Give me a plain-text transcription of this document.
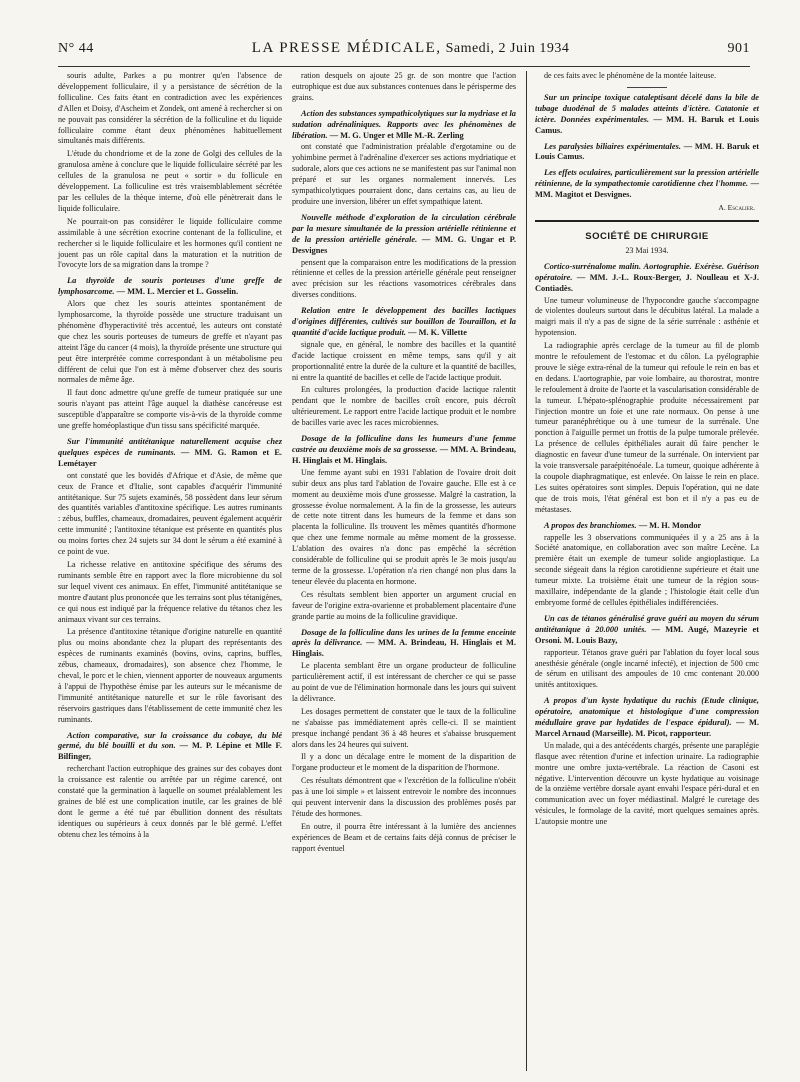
N° 44	LA PRESSE MÉDICALE, Samedi, 2 Juin 1934	901

souris adulte, Parkes a pu montrer qu'en l'absence de développement folliculaire, il y a persistance de sécrétion de la folliculine. Ces faits étant en contradiction avec les expériences d'Allen et Doisy, d'Ascheim et Zondek, ont amené à rechercher si on ne pouvait pas considérer la sécrétion de la folliculine et du liquide folliculaire comme étant deux phénomènes habituellement simultanés mais différents.

L'étude du chondriome et de la zone de Golgi des cellules de la granulosa amène à conclure que le liquide folliculaire sécrété par les cellules de la granulosa ne peut « sortir » du follicule en développement. La folliculine est très vraisemblablement sécrétée par les cellules de la thèque interne, d'où elle pénètrerait dans le liquide folliculaire.

Ne pourrait-on pas considérer le liquide folliculaire comme assimilable à une sécrétion exocrine contenant de la folliculine, et rechercher si le liquide folliculaire et les hormones qu'il contient ne jouent pas un rôle capital dans la maturation et la nutrition de l'ovocyte lors de sa migration dans la trompe ?

La thyroïde de souris porteuses d'une greffe de lymphosarcome. — MM. L. Mercier et L. Gosselin.

Alors que chez les souris atteintes spontanément de lymphosarcome, la thyroïde possède une structure traduisant un phénomène d'hyperactivité très accentué, les auteurs ont constaté que chez les souris porteuses de tumeurs de greffe et n'ayant pas atteint l'âge du cancer (4 mois), la thyroïde présente une structure qui peut être interprétée comme correspondant à un métabolisme peu différent de celui que l'on est à même d'observer chez des souris normales de même âge.

Il faut donc admettre qu'une greffe de tumeur pratiquée sur une souris n'ayant pas atteint l'âge auquel la diathèse cancéreuse est susceptible d'apparaître se comporte vis-à-vis de la thyroïde comme une greffe homéoplastique d'un tissu sans spécificité marquée.

Sur l'immunité antitétanique naturellement acquise chez quelques espèces de ruminants. — MM. G. Ramon et E. Lemétayer

ont constaté que les bovidés d'Afrique et d'Asie, de même que ceux de France et d'Italie, sont capables d'acquérir l'immunité antitétanique. Sur 75 sujets examinés, 58 possèdent dans leur sérum des quantités variables d'antitoxine spécifique. Les autres ruminants : zébus, buffles, chameaux, dromadaires, peuvent également acquérir cette immunité ; l'antitoxine tétanique est présente en quantités plus ou moins fortes chez 24 sujets sur 34 dont le sérum a été examiné à ce point de vue.

La richesse relative en antitoxine spécifique des sérums des ruminants semble être en rapport avec la flore microbienne du sol sur lequel vivent ces animaux. En effet, l'immunité antitétanique se montre d'autant plus prononcée que les terrains sont plus tétanigènes, ce qui nous est indiqué par la fréquence relative du tétanos chez les animaux vivant sur ces terrains.

La présence d'antitoxine tétanique d'origine naturelle en quantité plus ou moins abondante chez la plupart des représentants des espèces de ruminants examinés (bovins, ovins, caprins, buffles, zébus, chameaux, dromadaires), son absence chez l'homme, le cheval, le porc et le chien, viennent apporter de nouveaux arguments à l'appui de l'hypothèse émise par les auteurs sur le mécanisme de l'immunité antitétanique naturelle et sur le rôle favorisant des réservoirs gastriques dans l'établissement de cette immunité chez les ruminants.

Action comparative, sur la croissance du cobaye, du blé germé, du blé bouilli et du son. — M. P. Lépine et Mlle F. Bilfinger,

recherchant l'action eutrophique des graines sur des cobayes dont la croissance est ralentie ou arrêtée par un régime carencé, ont constaté que la germination à laquelle on soumet préalablement les graines de blé est une complication inutile, car les graines de blé dont le germe a été tué par ébullition donnent des résultats identiques ou supérieurs à ceux donnés par le blé germé. L'effet obtenu chez les témoins à la

ration desquels on ajoute 25 gr. de son montre que l'action eutrophique est due aux substances contenues dans le périsperme des grains.

Action des substances sympathicolytiques sur la mydriase et la sudation adrénaliniques. Rapports avec les phénomènes de libération. — M. G. Unger et Mlle M.-R. Zerling

ont constaté que l'administration préalable d'ergotamine ou de yohimbine permet à l'adrénaline d'exercer ses actions mydriatique et sudorale, alors que ces actions ne se manifestent pas sur l'animal non préparé et sur les organes normalement innervés. Les sympathicolytiques pourraient donc, dans certains cas, au lieu de produire une inversion, libérer un effet sympathique latent.

Nouvelle méthode d'exploration de la circulation cérébrale par la mesure simultanée de la pression artérielle rétinienne et de la pression artérielle générale. — MM. G. Ungar et P. Desvignes

pensent que la comparaison entre les modifications de la pression rétinienne et celles de la pression artérielle générale peut renseigner avec précision sur les réactions vasomotrices cérébrales dans diverses conditions.

Relation entre le développement des bacilles lactiques d'origines différentes, cultivés sur bouillon de Touraillon, et la quantité d'acide lactique produit. — M. K. Villette

signale que, en général, le nombre des bacilles et la quantité d'acide lactique croissent en même temps, sans qu'il y ait proportionnalité entre la durée de la culture et la quantité de bacilles, ni entre la quantité de bacilles et celle de l'acide lactique produit.

En cultures prolongées, la production d'acide lactique ralentit pendant que le nombre de bacilles croît encore, puis décroît ultérieurement. Le rapport entre l'acide lactique produit et le nombre de bacilles varie avec les races microbiennes.

Dosage de la folliculine dans les humeurs d'une femme castrée au deuxième mois de sa grossesse. — MM. A. Brindeau, H. Hinglais et M. Hinglais.

Une femme ayant subi en 1931 l'ablation de l'ovaire droit doit subir deux ans plus tard l'ablation de l'ovaire gauche. Elle est à ce moment au deuxième mois d'une grossesse. Malgré la castration, la grossesse évolue normalement. A la fin de la grossesse, les auteurs de cette note titrent dans les humeurs de la femme et dans son placenta la folliculine. Ils trouvent les mêmes quantités d'hormone que chez une femme normale au même moment de la grossesse. L'ablation des ovaires n'a donc pas empêché la sécrétion considérable de folliculine qui se produit après le 3e mois jusqu'au terme de la grossesse. L'opération n'a rien changé non plus dans la teneur élevée du placenta en hormone.

Ces résultats semblent bien apporter un argument crucial en faveur de l'origine extra-ovarienne et probablement placentaire d'une grande partie au moins de la folliculine gravidique.

Dosage de la folliculine dans les urines de la femme enceinte après la délivrance. — MM. A. Brindeau, H. Hinglais et M. Hinglais.

Le placenta semblant être un organe producteur de folliculine particulièrement actif, il est intéressant de chercher ce qui se passe au point de vue de l'élimination hormonale dans les jours qui suivent la délivrance.

Les dosages permettent de constater que le taux de la folliculine ne s'abaisse pas immédiatement après celle-ci. Il se maintient presque inchangé pendant 36 à 48 heures et s'abaisse brusquement alors dans les 24 heures qui suivent.

Il y a donc un décalage entre le moment de la disparition de l'organe producteur et le moment de la disparition de l'hormone.

Ces résultats démontrent que « l'excrétion de la folliculine n'obéit pas à une loi simple » et laissent entrevoir le nombre des inconnues qui peuvent intervenir dans la discussion des problèmes posés par l'étude des hormones.

En outre, il pourra être intéressant à la lumière des anciennes expériences de Beam et de certains faits déjà connus de préciser le rapport éventuel

de ces faits avec le phénomène de la montée laiteuse.

Sur un principe toxique cataleptisant décelé dans la bile de tubage duodénal de 5 malades atteints d'ictère. Catatonie et ictère. Données expérimentales. — MM. H. Baruk et Louis Camus.

Les paralysies biliaires expérimentales. — MM. H. Baruk et Louis Camus.

Les effets oculaires, particulièrement sur la pression artérielle rétinienne, de la sympathectomie carotidienne chez l'homme. — MM. Magitot et Desvignes.

A. Escalier.
SOCIÉTÉ DE CHIRURGIE
23 Mai 1934.

Cortico-surrénalome malin. Aortographie. Exérèse. Guérison opératoire. — MM. J.-L. Roux-Berger, J. Noulleau et X-J. Contiadès.

Une tumeur volumineuse de l'hypocondre gauche s'accompagne de violentes douleurs surtout dans le décubitus latéral. La malade a maigri mais il n'y a pas de signe de la série surrénale : asthénie et hypotension.

La radiographie après cerclage de la tumeur au fil de plomb montre le refoulement de l'estomac et du côlon. La pyélographie prouve le siège extra-rénal de la tumeur qui refoule le rein en bas et en dedans. L'aortographie, par voie lombaire, au thorostrat, montre le refoulement à droite de l'aorte et la vascularisation considérable de la tumeur. L'hépato-splénographie produite nécessairement par l'injection montre un foie et une rate normaux. On pense à une tumeur paranéphrétique ou à une tumeur de la surrénale. Une ponction à l'aiguille permet un frottis de la pulpe tumorale prélevée. La présence de cellules épithéliales aurait dû faire pencher le diagnostic en faveur d'une tumeur de la surrénale. On intervient par la voie transversale paraépiténoéale. La tumeur, quoique adhérente à la coupole diaphragmatique, est enlevée. On laisse le rein en place. Les suites opératoires sont simples. Depuis l'opération, qui ne date que de trois mois, l'état général est bon et il n'y a pas eu de métastases.

A propos des branchiomes. — M. H. Mondor

rappelle les 3 observations communiquées il y a 25 ans à la Société anatomique, en collaboration avec son maître Lecène. La première était un exemple de tumeur solide angioplastique. La seconde siégeait dans la région carotidienne supérieure et était une tumeur mixte. La troisième était une tumeur de la région sous-maxillaire, indépendante de la glande ; l'histologie était celle d'un embryome formé de cellules épithéliales indifférenciées.

Un cas de tétanos généralisé grave guéri au moyen du sérum antitétanique à 20.000 unités. — MM. Augé, Mazeyrie et Orsoni. M. Louis Bazy,

rapporteur. Tétanos grave guéri par l'ablation du foyer local sous anesthésie générale (ongle incarné infecté), et injection de 500 cmc de sérum en utilisant des ampoules de 10 cmc contenant 20.000 unités antitoxiques.

A propos d'un kyste hydatique du rachis (Etude clinique, opératoire, anatomique et histologique d'une compression médullaire grave par hydatides de l'espace épidural). — M. Marcel Arnaud (Marseille). M. Picot, rapporteur.

Un malade, qui a des antécédents chargés, présente une paraplégie flasque avec rétention d'urine et infection urinaire. La radiographie montre une ombre juxta-vertébrale. La réaction de Casoni est négative. L'intervention découvre un kyste hydatique au voisinage de la onzième vertèbre dorsale ayant envahi l'espace péri-dural et en communication avec un foyer médiastinal. Malgré le curetage des vésicules, le formolage de la cavité, mort quelques semaines après. L'autopsie montre une
